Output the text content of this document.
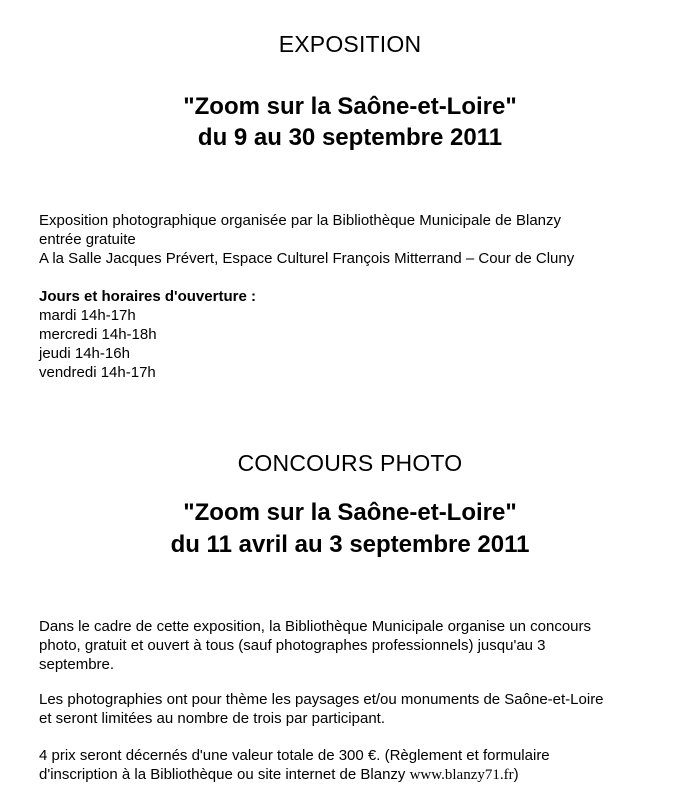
EXPOSITION
"Zoom sur la Saône-et-Loire"
du 9 au 30 septembre 2011

Exposition photographique organisée par la Bibliothèque Municipale de Blanzy

entrée gratuite

A la Salle Jacques Prévert, Espace Culturel François Mitterrand – Cour de Cluny

Jours et horaires d'ouverture :

mardi 14h-17h

mercredi 14h-18h

jeudi 14h-16h

vendredi 14h-17h

CONCOURS PHOTO
"Zoom sur la Saône-et-Loire"
du 11 avril au 3 septembre 2011

Dans le cadre de cette exposition, la Bibliothèque Municipale organise un concours

photo, gratuit et ouvert à tous (sauf photographes professionnels) jusqu'au 3

septembre.

Les photographies ont pour thème les paysages et/ou monuments de Saône-et-Loire

et seront limitées au nombre de trois par participant.

4 prix seront décernés d'une valeur totale de 300 €. (Règlement et formulaire

d'inscription à la Bibliothèque ou site internet de Blanzy www.blanzy71.fr)
